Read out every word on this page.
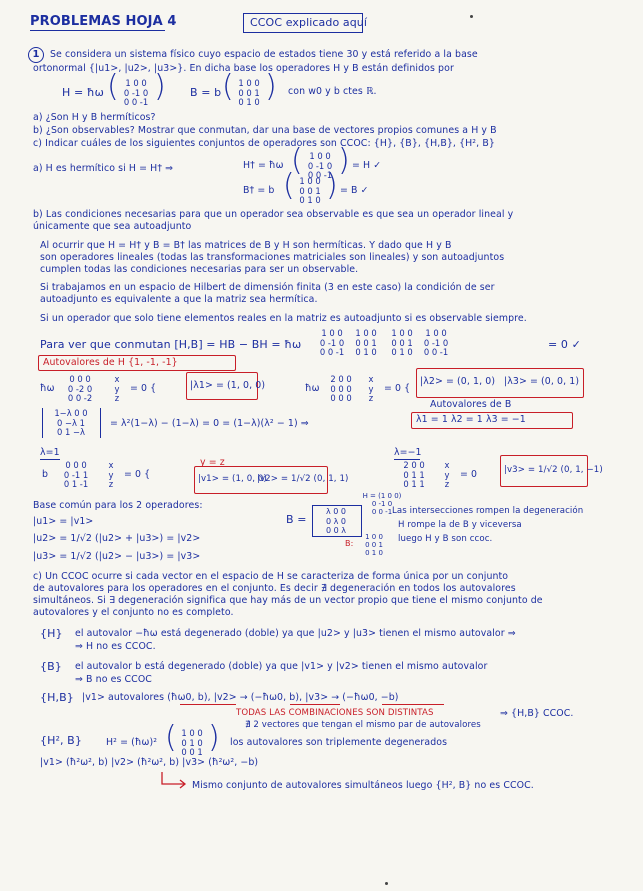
PROBLEMAS HOJA 4	CCOC explicado aquí
1	Se considera un sistema físico cuyo espacio de estados tiene 30 y está referido a la base
ortonormal {|u1>, |u2>, |u3>}. En dicha base los operadores H y B están definidos por
H = ħω ( 1 0 0
0 -1 0
0 0 -1 ) B = b ( 1 0 0
0 0 1
0 1 0 ) con w0 y b ctes ℝ.
a) ¿Son H y B hermíticos?
b) ¿Son observables? Mostrar que conmutan, dar una base de vectores propios comunes a H y B
c) Indicar cuáles de los siguientes conjuntos de operadores son CCOC: {H}, {B}, {H,B}, {H², B}
a) H es hermítico si H = H† ⇒	H† = ħω ( 1 0 0
0 -1 0
0 0 -1 ) = H ✓
B† = b ( 1 0 0
0 0 1
0 1 0 ) = B ✓
b) Las condiciones necesarias para que un operador sea observable es que sea un operador lineal y
únicamente que sea autoadjunto
Al ocurrir que H = H† y B = B† las matrices de B y H son hermíticas. Y dado que H y B
son operadores lineales (todas las transformaciones matriciales son lineales) y son autoadjuntos
cumplen todas las condiciones necesarias para ser un observable.
Si trabajamos en un espacio de Hilbert de dimensión finita (3 en este caso) la condición de ser
autoadjunto es equivalente a que la matriz sea hermítica.
Si un operador que solo tiene elementos reales en la matriz es autoadjunto si es observable siempre.
Para ver que conmutan [H,B] = HB − BH = ħω
1 0 0
0 -1 0
0 0 -1
1 0 0
0 0 1
0 1 0
1 0 0
0 0 1
0 1 0
1 0 0
0 -1 0
0 0 -1
= 0 ✓
Autovalores de H {1, -1, -1}
ħω
0 0 0
0 -2 0
0 0 -2
x
y
z
= 0 {	|λ1> = (1, 0, 0)	ħω
2 0 0
0 0 0
0 0 0
x
y
z
= 0 {
|λ2> = (0, 1, 0) |λ3> = (0, 0, 1)
Autovalores de B
1−λ 0 0
0 −λ 1
0 1 −λ
= λ²(1−λ) − (1−λ) = 0 = (1−λ)(λ² − 1) ⇒	λ1 = 1 λ2 = 1 λ3 = −1
λ=1
b
0 0 0
0 -1 1
0 1 -1
x
y
z
= 0 {
y = z
|v1> = (1, 0, 0)
|v2> = 1/√2 (0, 1, 1)
λ=−1
2 0 0
0 1 1
0 1 1
x
y
z
= 0	|v3> = 1/√2 (0, 1, −1)
Base común para los 2 operadores:
|u1> = |v1>
|u2> = 1/√2 (|u2> + |u3>) = |v2>
|u3> = 1/√2 (|u2> − |u3>) = |v3>
B =
H = (1 0 0)
0 -1 0
0 0 -1
λ 0 0
0 λ 0
0 0 λ
B:
1 0 0
0 0 1
0 1 0
Las intersecciones rompen la degeneración
H rompe la de B y viceversa
luego H y B son ccoc.
c) Un CCOC ocurre si cada vector en el espacio de H se caracteriza de forma única por un conjunto
de autovalores para los operadores en el conjunto. Es decir ∄ degeneración en todos los autovalores
simultáneos. Si ∃ degeneración significa que hay más de un vector propio que tiene el mismo conjunto de
autovalores y el conjunto no es completo.
{H} el autovalor −ħω está degenerado (doble) ya que |u2> y |u3> tienen el mismo autovalor ⇒
⇒ H no es CCOC.
{B} el autovalor b está degenerado (doble) ya que |v1> y |v2> tienen el mismo autovalor
⇒ B no es CCOC
{H,B} |v1> autovalores (ħω0, b), |v2> → (−ħω0, b), |v3> → (−ħω0, −b)
TODAS LAS COMBINACIONES SON DISTINTAS	⇒ {H,B} CCOC.
∄ 2 vectores que tengan el mismo par de autovalores
{H², B}	H² = (ħω)² ( 1 0 0
0 1 0
0 0 1 ) los autovalores son triplemente degenerados
|v1> (ħ²ω², b) |v2> (ħ²ω², b) |v3> (ħ²ω², −b)
Mismo conjunto de autovalores simultáneos luego {H², B} no es CCOC.
